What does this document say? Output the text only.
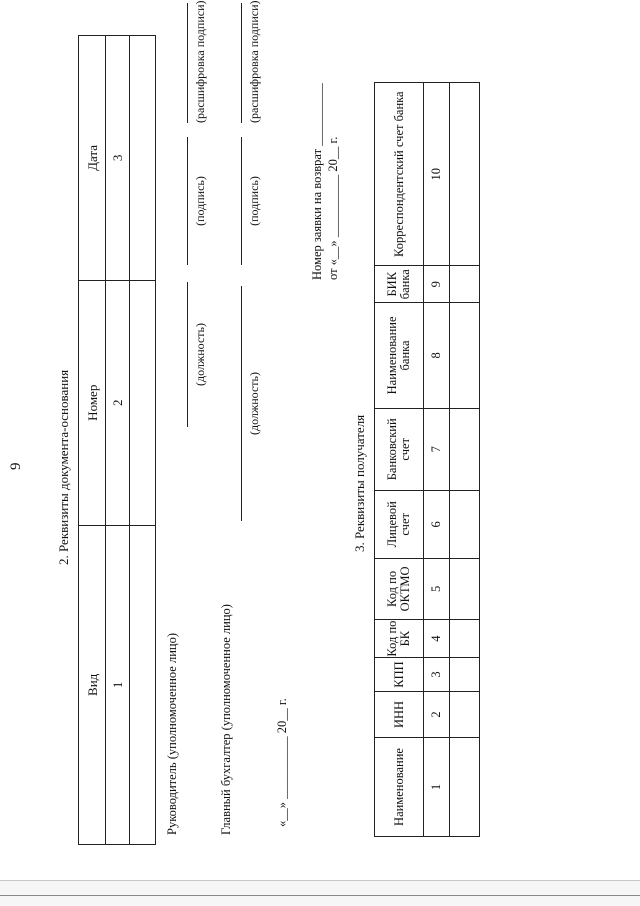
9 2. Реквизиты документа-основания
Вид	Номер	Дата
1	2	3

Руководитель (уполномоченное лицо)
(должность)
(подпись)
(расшифровка подписи)
Главный бухгалтер (уполномоченное лицо)
(должность)
(подпись)
(расшифровка подписи)
«__» __________ 20__ г.
Номер заявки на возврат __________ от «__» __________ 20__ г.
3. Реквизиты получателя
Наименование	ИНН	КПП	Код по БК	Код по ОКТМО	Лицевой счет	Банковский счет	Наименование банка	БИК банка	Корреспондентский счет банка
1	2	3	4	5	6	7	8	9	10
